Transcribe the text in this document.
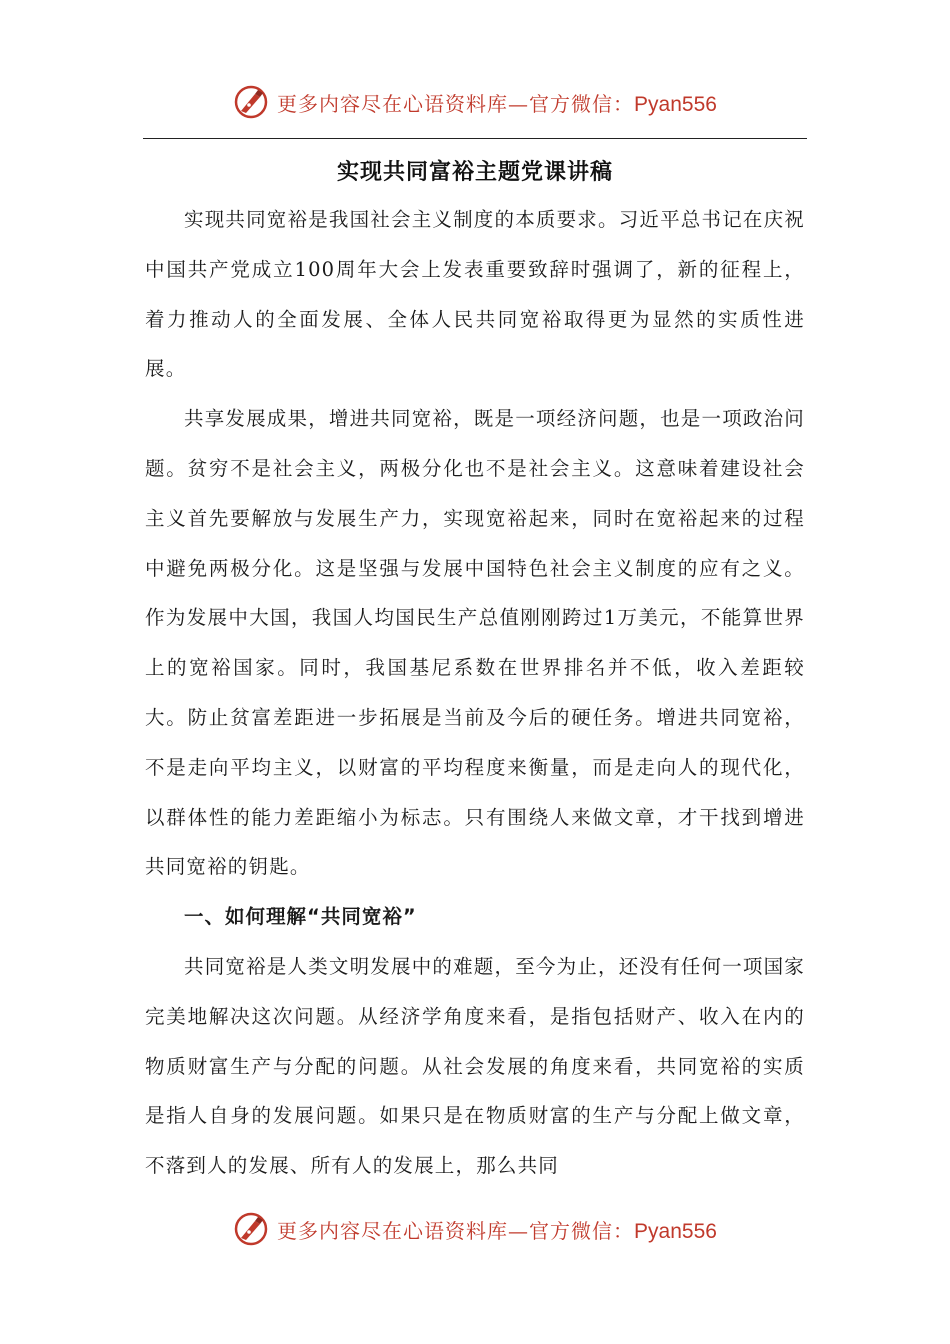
更多内容尽在心语资料库—官方微信：Pyan556
实现共同富裕主题党课讲稿

实现共同宽裕是我国社会主义制度的本质要求。习近平总书记在庆祝中国共产党成立100周年大会上发表重要致辞时强调了，新的征程上，着力推动人的全面发展、全体人民共同宽裕取得更为显然的实质性进展。

共享发展成果，增进共同宽裕，既是一项经济问题，也是一项政治问题。贫穷不是社会主义，两极分化也不是社会主义。这意味着建设社会主义首先要解放与发展生产力，实现宽裕起来，同时在宽裕起来的过程中避免两极分化。这是坚强与发展中国特色社会主义制度的应有之义。作为发展中大国，我国人均国民生产总值刚刚跨过1万美元，不能算世界上的宽裕国家。同时，我国基尼系数在世界排名并不低，收入差距较大。防止贫富差距进一步拓展是当前及今后的硬任务。增进共同宽裕，不是走向平均主义，以财富的平均程度来衡量，而是走向人的现代化，以群体性的能力差距缩小为标志。只有围绕人来做文章，才干找到增进共同宽裕的钥匙。

一、如何理解“共同宽裕”

共同宽裕是人类文明发展中的难题，至今为止，还没有任何一项国家完美地解决这次问题。从经济学角度来看，是指包括财产、收入在内的物质财富生产与分配的问题。从社会发展的角度来看，共同宽裕的实质是指人自身的发展问题。如果只是在物质财富的生产与分配上做文章，不落到人的发展、所有人的发展上，那么共同

更多内容尽在心语资料库—官方微信：Pyan556
